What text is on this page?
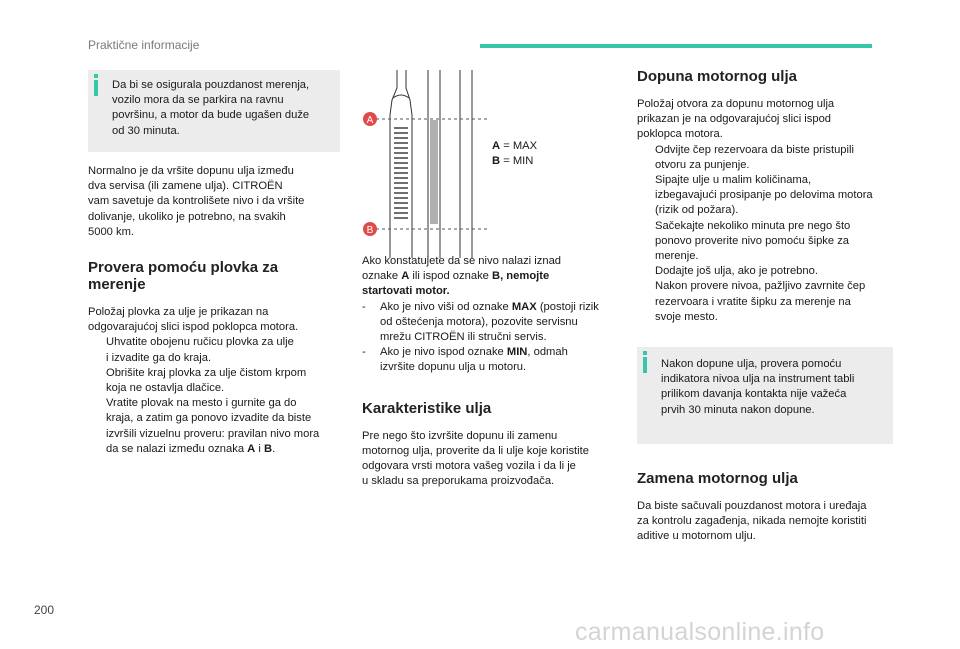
Praktične informacije

Da bi se osigurala pouzdanost merenja,

vozilo mora da se parkira na ravnu

površinu, a motor da bude ugašen duže

od 30 minuta.

Normalno je da vršite dopunu ulja između

dva servisa (ili zamene ulja). CITROËN

vam savetuje da kontrolišete nivo i da vršite

dolivanje, ukoliko je potrebno, na svakih

5000 km.

Provera pomoću plovka za
merenje

Položaj plovka za ulje je prikazan na

odgovarajućoj slici ispod poklopca motora.

Uhvatite obojenu ručicu plovka za ulje

i izvadite ga do kraja.

Obrišite kraj plovka za ulje čistom krpom

koja ne ostavlja dlačice.

Vratite plovak na mesto i gurnite ga do

kraja, a zatim ga ponovo izvadite da biste

izvršili vizuelnu proveru: pravilan nivo mora

da se nalazi između oznaka A i B.

A
B

A = MAX

B = MIN

Ako konstatujete da se nivo nalazi iznad

oznake A ili ispod oznake B, nemojte

startovati motor.

- Ako je nivo viši od oznake MAX (postoji rizik

od oštećenja motora), pozovite servisnu

mrežu CITROËN ili stručni servis.

- Ako je nivo ispod oznake MIN, odmah

izvršite dopunu ulja u motoru.

Karakteristike ulja

Pre nego što izvršite dopunu ili zamenu

motornog ulja, proverite da li ulje koje koristite

odgovara vrsti motora vašeg vozila i da li je

u skladu sa preporukama proizvođača.

Dopuna motornog ulja

Položaj otvora za dopunu motornog ulja

prikazan je na odgovarajućoj slici ispod

poklopca motora.

Odvijte čep rezervoara da biste pristupili

otvoru za punjenje.

Sipajte ulje u malim količinama,

izbegavajući prosipanje po delovima motora

(rizik od požara).

Sačekajte nekoliko minuta pre nego što

ponovo proverite nivo pomoću šipke za

merenje.

Dodajte još ulja, ako je potrebno.

Nakon provere nivoa, pažljivo zavrnite čep

rezervoara i vratite šipku za merenje na

svoje mesto.

Nakon dopune ulja, provera pomoću

indikatora nivoa ulja na instrument tabli

prilikom davanja kontakta nije važeća

prvih 30 minuta nakon dopune.

Zamena motornog ulja

Da biste sačuvali pouzdanost motora i uređaja

za kontrolu zagađenja, nikada nemojte koristiti

aditive u motornom ulju.

200
carmanualsonline.info
